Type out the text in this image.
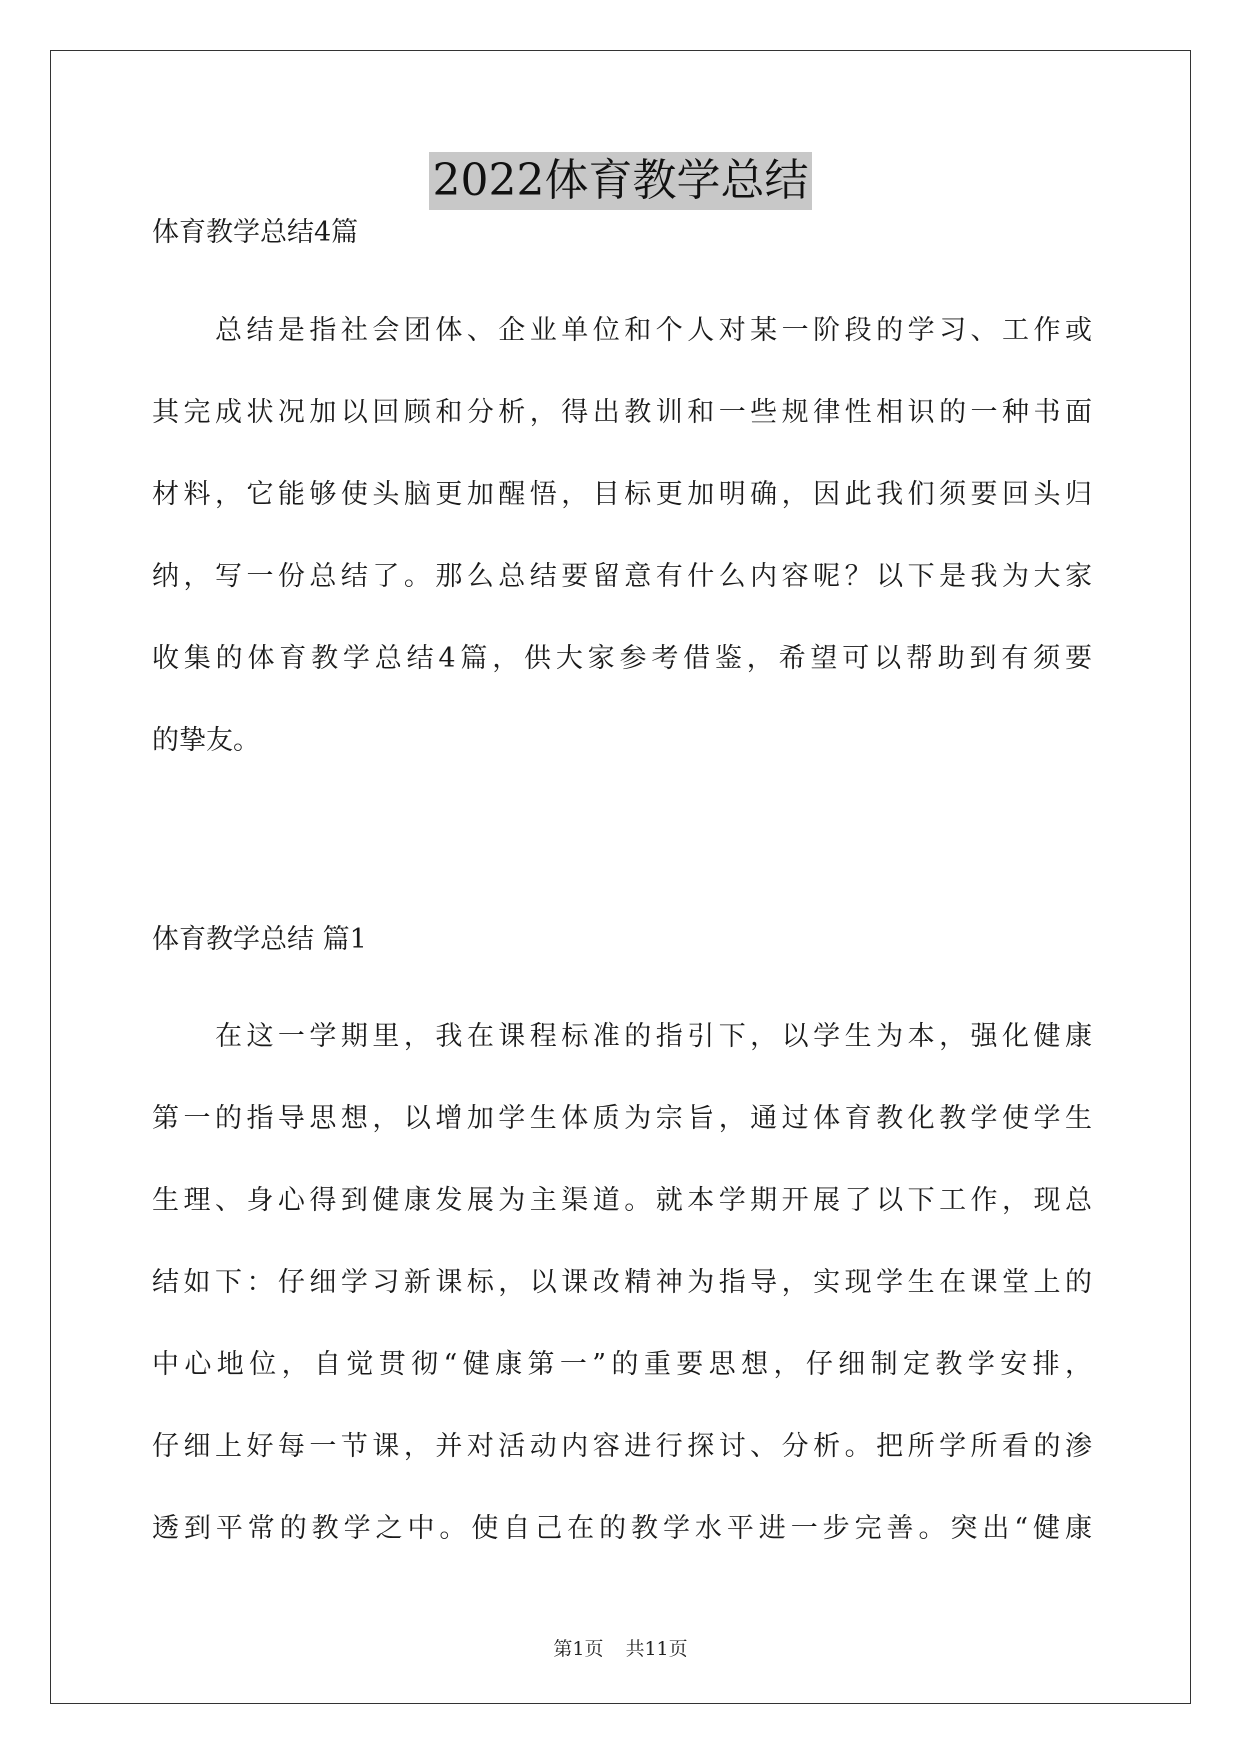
2022体育教学总结

体育教学总结4篇

　　总结是指社会团体、企业单位和个人对某一阶段的学习、工作或
其完成状况加以回顾和分析，得出教训和一些规律性相识的一种书面
材料，它能够使头脑更加醒悟，目标更加明确，因此我们须要回头归
纳，写一份总结了。那么总结要留意有什么内容呢？以下是我为大家
收集的体育教学总结4篇，供大家参考借鉴，希望可以帮助到有须要
的挚友。

体育教学总结 篇1

　　在这一学期里，我在课程标准的指引下，以学生为本，强化健康
第一的指导思想，以增加学生体质为宗旨，通过体育教化教学使学生
生理、身心得到健康发展为主渠道。就本学期开展了以下工作，现总
结如下：仔细学习新课标，以课改精神为指导，实现学生在课堂上的
中心地位，自觉贯彻“健康第一”的重要思想，仔细制定教学安排，
仔细上好每一节课，并对活动内容进行探讨、分析。把所学所看的渗
透到平常的教学之中。使自己在的教学水平进一步完善。突出“健康
第1页 共11页
